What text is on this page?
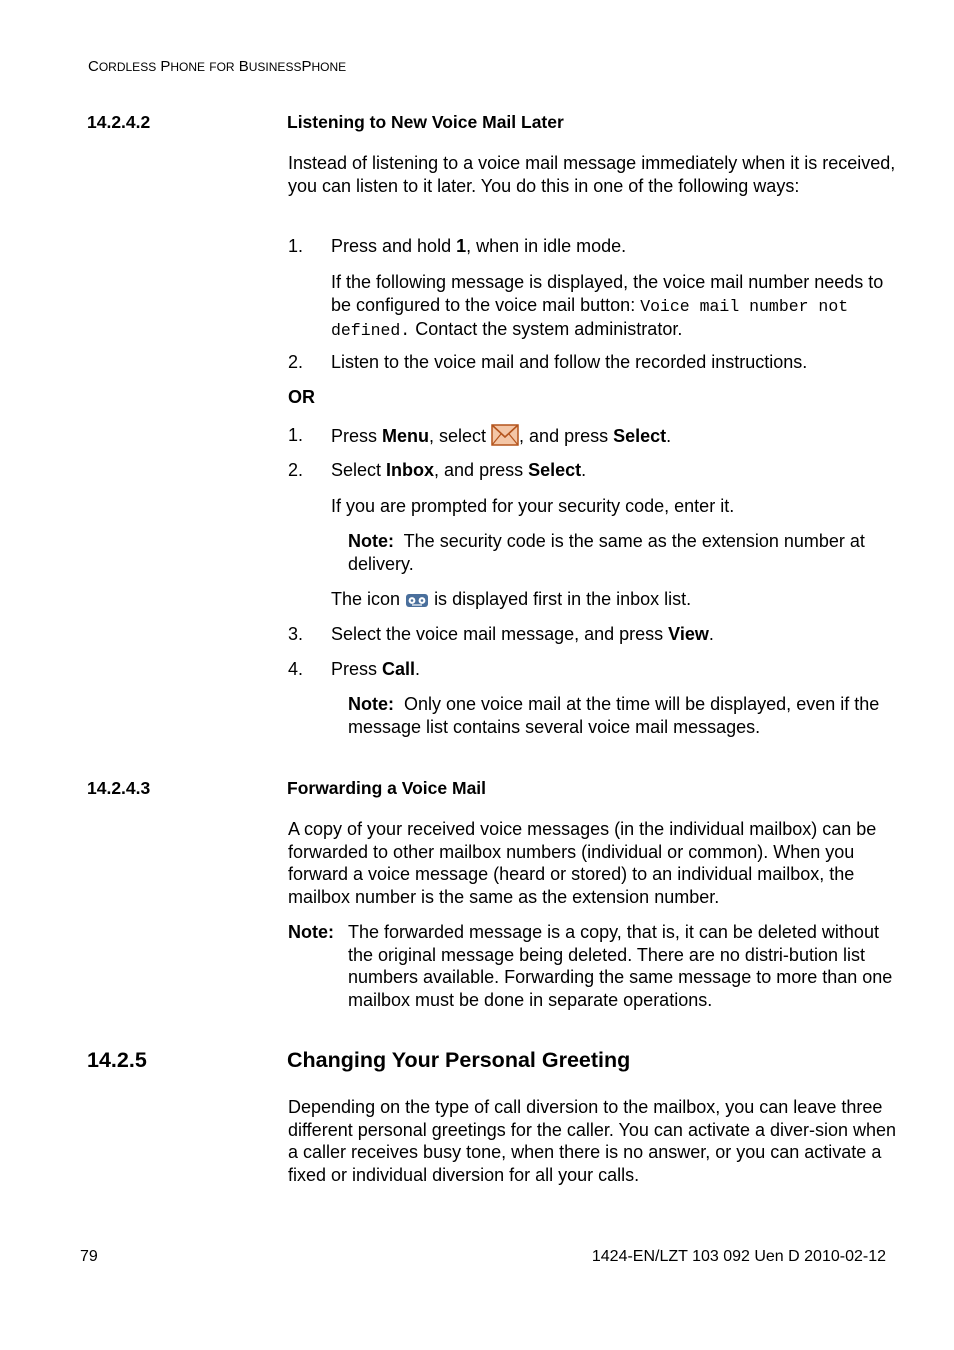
CORDLESS PHONE FOR BUSINESSPHONE
14.2.4.2	Listening to New Voice Mail Later
Instead of listening to a voice mail message immediately when it is received, you can listen to it later. You do this in one of the following ways:
1. Press and hold 1, when in idle mode.
If the following message is displayed, the voice mail number needs to be configured to the voice mail button: Voice mail number not defined. Contact the system administrator.
2. Listen to the voice mail and follow the recorded instructions.
OR
1. Press Menu, select , and press Select.
2. Select Inbox, and press Select.
If you are prompted for your security code, enter it.
Note:  The security code is the same as the extension number at delivery.
The icon  is displayed first in the inbox list.
3. Select the voice mail message, and press View.
4. Press Call.
Note:  Only one voice mail at the time will be displayed, even if the message list contains several voice mail messages.
14.2.4.3	Forwarding a Voice Mail
A copy of your received voice messages (in the individual mailbox) can be forwarded to other mailbox numbers (individual or common). When you forward a voice message (heard or stored) to an individual mailbox, the mailbox number is the same as the extension number.
Note: The forwarded message is a copy, that is, it can be deleted without the original message being deleted. There are no distri-bution list numbers available. Forwarding the same message to more than one mailbox must be done in separate operations.
14.2.5	Changing Your Personal Greeting
Depending on the type of call diversion to the mailbox, you can leave three different personal greetings for the caller. You can activate a diver-sion when a caller receives busy tone, when there is no answer, or you can activate a fixed or individual diversion for all your calls.
79	1424-EN/LZT 103 092 Uen D 2010-02-12
